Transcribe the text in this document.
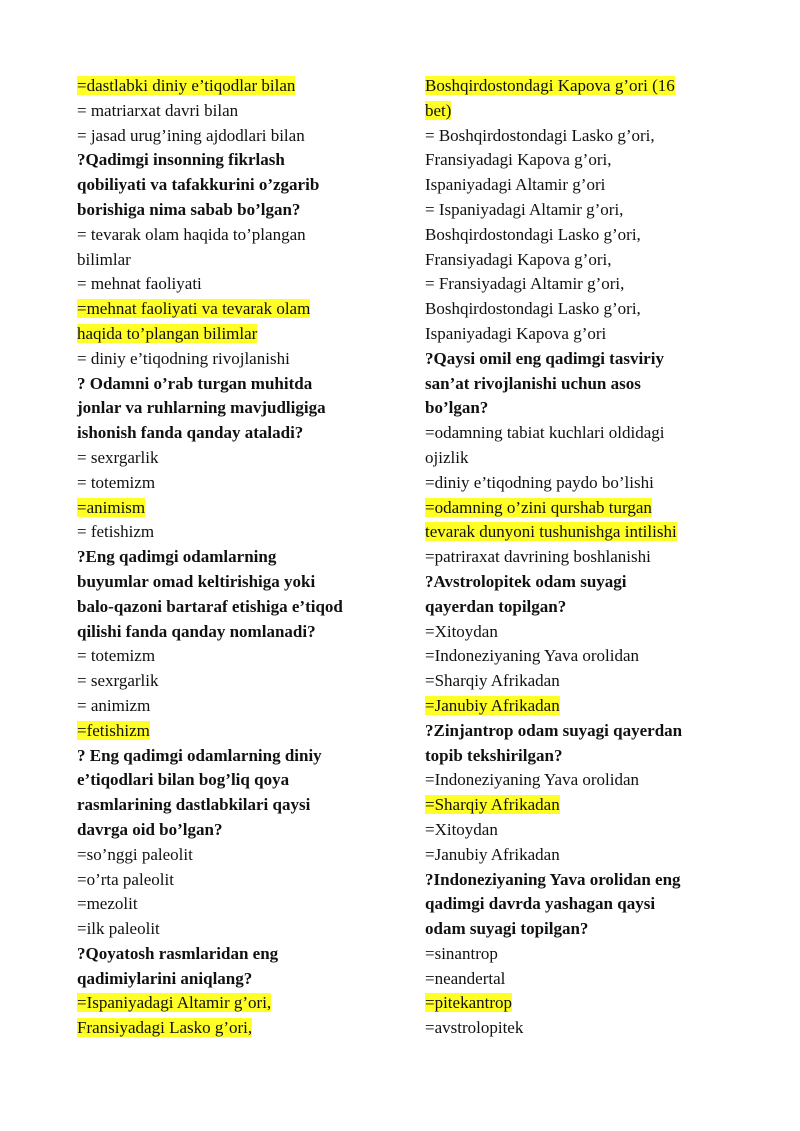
=dastlabki diniy e’tiqodlar bilan
= matriarxat davri bilan
= jasad urug’ining ajdodlari bilan
?Qadimgi insonning fikrlash
qobiliyati va tafakkurini o’zgarib
borishiga nima sabab bo’lgan?
= tevarak olam haqida to’plangan
bilimlar
= mehnat faoliyati
=mehnat faoliyati va tevarak olam
haqida to’plangan bilimlar
= diniy e’tiqodning rivojlanishi
? Odamni o’rab turgan muhitda
jonlar va ruhlarning mavjudligiga
ishonish fanda qanday ataladi?
= sexrgarlik
= totemizm
=animism
= fetishizm
?Eng qadimgi odamlarning
buyumlar omad keltirishiga yoki
balo-qazoni bartaraf etishiga e’tiqod
qilishi fanda qanday nomlanadi?
= totemizm
= sexrgarlik
= animizm
=fetishizm
? Eng qadimgi odamlarning diniy
e’tiqodlari bilan bog’liq qoya
rasmlarining dastlabkilari qaysi
davrga oid bo’lgan?
=so’nggi paleolit
=o’rta paleolit
=mezolit
=ilk paleolit
?Qoyatosh rasmlaridan eng
qadimiylarini aniqlang?
=Ispaniyadagi Altamir g’ori,
Fransiyadagi Lasko g’ori,
Boshqirdostondagi Kapova g’ori (16
bet)
= Boshqirdostondagi Lasko g’ori,
Fransiyadagi Kapova g’ori,
Ispaniyadagi Altamir g’ori
= Ispaniyadagi Altamir g’ori,
Boshqirdostondagi Lasko g’ori,
Fransiyadagi Kapova g’ori,
= Fransiyadagi Altamir g’ori,
Boshqirdostondagi Lasko g’ori,
Ispaniyadagi Kapova g’ori
?Qaysi omil eng qadimgi tasviriy
san’at rivojlanishi uchun asos
bo’lgan?
=odamning tabiat kuchlari oldidagi
ojizlik
=diniy e’tiqodning paydo bo’lishi
=odamning o’zini qurshab turgan
tevarak dunyoni tushunishga intilishi
=patriraxat davrining boshlanishi
?Avstrolopitek odam suyagi
qayerdan topilgan?
=Xitoydan
=Indoneziyaning Yava orolidan
=Sharqiy Afrikadan
=Janubiy Afrikadan
?Zinjantrop odam suyagi qayerdan
topib tekshirilgan?
=Indoneziyaning Yava orolidan
=Sharqiy Afrikadan
=Xitoydan
=Janubiy Afrikadan
?Indoneziyaning Yava orolidan eng
qadimgi davrda yashagan qaysi
odam suyagi topilgan?
=sinantrop
=neandertal
=pitekantrop
=avstrolopitek
